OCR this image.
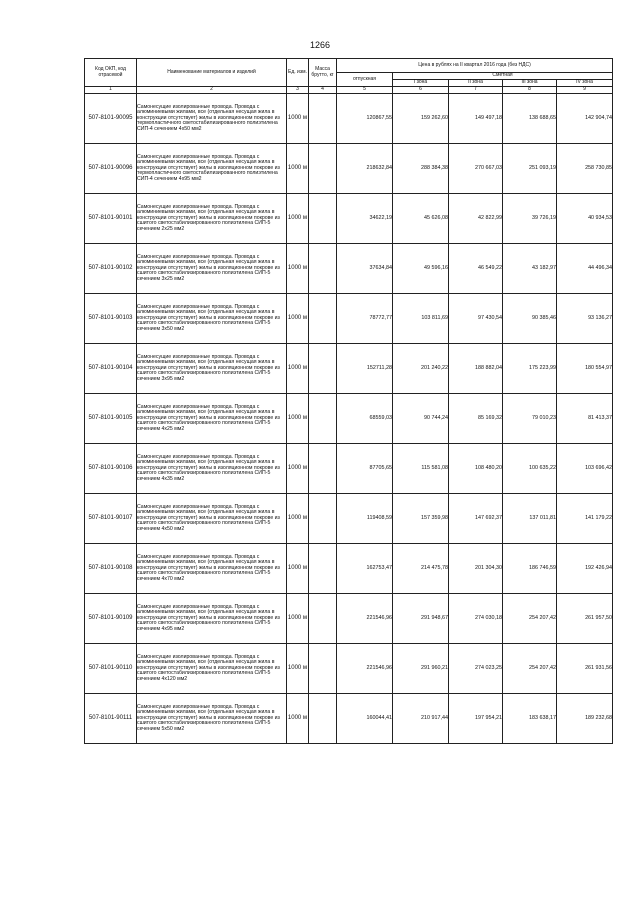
1266
Код ОКП, код отрасевой	Наименование материалов и изделий	Ед. изм.	Масса брутто, кг	Цена в рублях на II квартал 2016 года (без НДС)				
				отпускная	Сметная			
					I зона	II зона	III зона	IV зона
1	2	3	4	5	6	7	8	9
507-8101-90095	Самонесущие изолированные провода. Провода с алюминиевыми жилами, все (отдельная несущая жила в конструкции отсутствует) жилы в изоляционном покрове из термопластичного светостабилизированного полиэтилена СИП-4 сечением 4х50 мм2	1000 м		120867,55	159 262,60	149 497,18	138 688,65	142 904,74
507-8101-90096	Самонесущие изолированные провода. Провода с алюминиевыми жилами, все (отдельная несущая жила в конструкции отсутствует) жилы в изоляционном покрове из термопластичного светостабилизированного полиэтилена СИП-4 сечением 4х95 мм2	1000 м		218632,84	288 384,38	270 667,03	251 093,19	258 730,85
507-8101-90101	Самонесущие изолированные провода. Провода с алюминиевыми жилами, все (отдельная несущая жила в конструкции отсутствует) жилы в изоляционном покрове из сшитого светостабилизированного полиэтилена СИП-5 сечением 2х25 мм2	1000 м		34622,19	45 626,08	42 822,99	39 726,19	40 934,53
507-8101-90102	Самонесущие изолированные провода. Провода с алюминиевыми жилами, все (отдельная несущая жила в конструкции отсутствует) жилы в изоляционном покрове из сшитого светостабилизированного полиэтилена СИП-5 сечением 3х25 мм2	1000 м		37634,84	49 596,16	46 549,22	43 182,97	44 496,34
507-8101-90103	Самонесущие изолированные провода. Провода с алюминиевыми жилами, все (отдельная несущая жила в конструкции отсутствует) жилы в изоляционном покрове из сшитого светостабилизированного полиэтилена СИП-5 сечением 3х50 мм2	1000 м		78772,77	103 811,69	97 430,54	90 385,46	93 136,27
507-8101-90104	Самонесущие изолированные провода. Провода с алюминиевыми жилами, все (отдельная несущая жила в конструкции отсутствует) жилы в изоляционном покрове из сшитого светостабилизированного полиэтилена СИП-5 сечением 3х95 мм2	1000 м		152711,28	201 240,22	188 882,04	175 223,99	180 554,97
507-8101-90105	Самонесущие изолированные провода. Провода с алюминиевыми жилами, все (отдельная несущая жила в конструкции отсутствует) жилы в изоляционном покрове из сшитого светостабилизированного полиэтилена СИП-5 сечением 4х25 мм2	1000 м		68559,03	90 744,24	85 169,32	79 010,23	81 413,37
507-8101-90106	Самонесущие изолированные провода. Провода с алюминиевыми жилами, все (отдельная несущая жила в конструкции отсутствует) жилы в изоляционном покрове из сшитого светостабилизированного полиэтилена СИП-5 сечением 4х35 мм2	1000 м		87705,65	115 581,08	108 480,20	100 635,22	103 696,42
507-8101-90107	Самонесущие изолированные провода. Провода с алюминиевыми жилами, все (отдельная несущая жила в конструкции отсутствует) жилы в изоляционном покрове из сшитого светостабилизированного полиэтилена СИП-5 сечением 4х50 мм2	1000 м		119408,59	157 359,98	147 692,37	137 011,81	141 179,22
507-8101-90108	Самонесущие изолированные провода. Провода с алюминиевыми жилами, все (отдельная несущая жила в конструкции отсутствует) жилы в изоляционном покрове из сшитого светостабилизированного полиэтилена СИП-5 сечением 4х70 мм2	1000 м		162753,47	214 475,78	201 304,30	186 746,59	192 426,94
507-8101-90109	Самонесущие изолированные провода. Провода с алюминиевыми жилами, все (отдельная несущая жила в конструкции отсутствует) жилы в изоляционном покрове из сшитого светостабилизированного полиэтилена СИП-5 сечением 4х95 мм2	1000 м		221546,96	291 948,67	274 030,18	254 207,42	261 957,50
507-8101-90110	Самонесущие изолированные провода. Провода с алюминиевыми жилами, все (отдельная несущая жила в конструкции отсутствует) жилы в изоляционном покрове из сшитого светостабилизированного полиэтилена СИП-5 сечением 4х120 мм2	1000 м		221546,96	291 960,21	274 023,25	254 207,42	261 931,56
507-8101-90111	Самонесущие изолированные провода. Провода с алюминиевыми жилами, все (отдельная несущая жила в конструкции отсутствует) жилы в изоляционном покрове из сшитого светостабилизированного полиэтилена СИП-5 сечением 5х50 мм2	1000 м		160044,41	210 917,44	197 954,21	183 638,17	189 232,68
